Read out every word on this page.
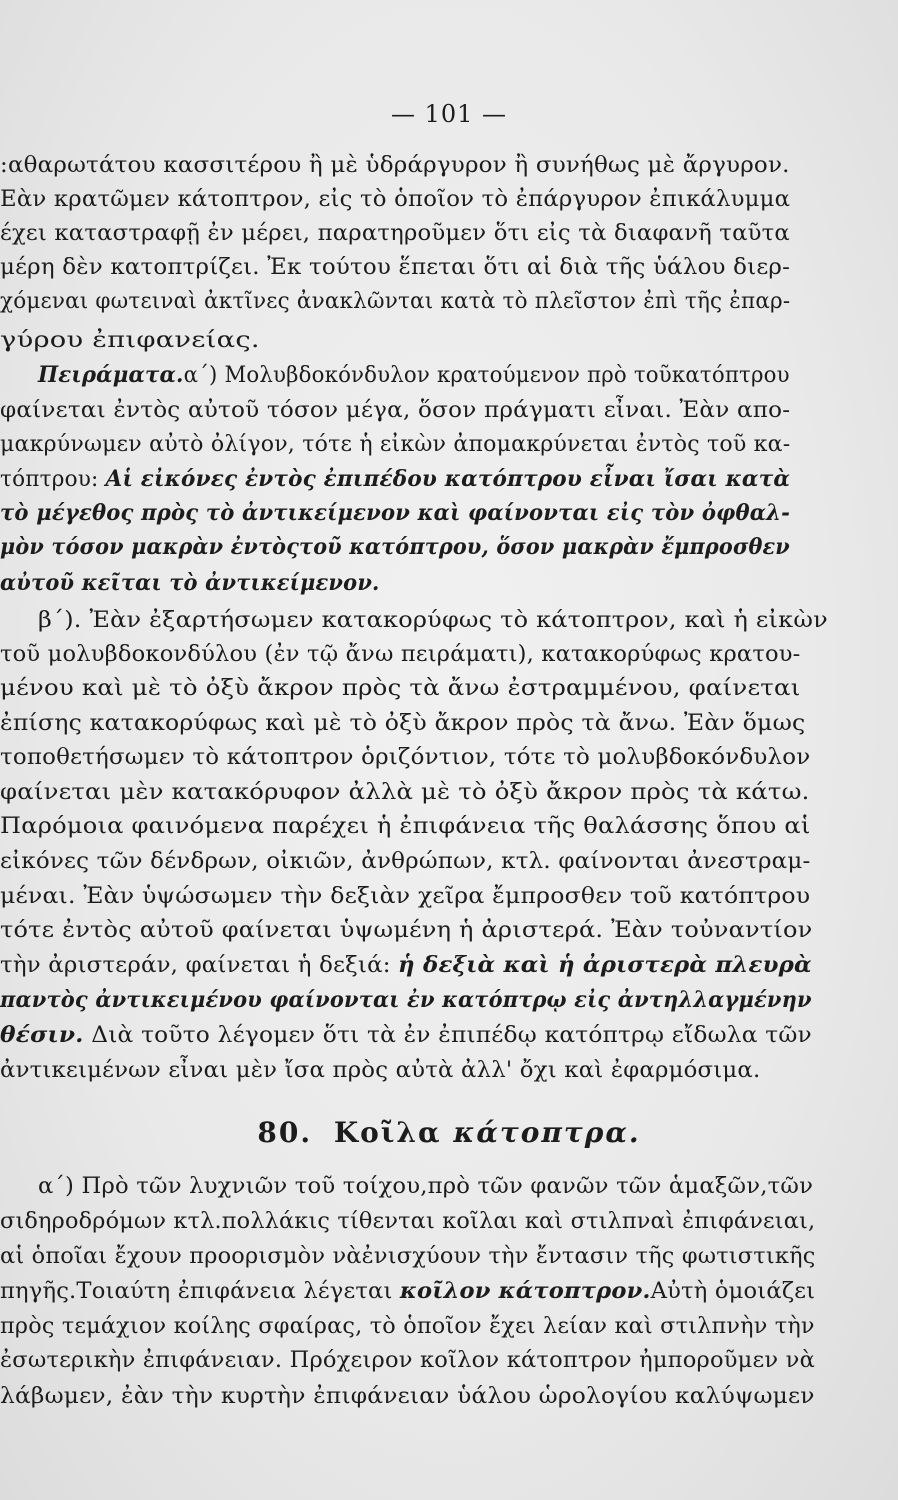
— 101 —
:αθαρωτάτου κασσιτέρου ἢ μὲ ὑδράργυρον ἢ συνήθως μὲ ἄργυρον.
Εὰν κρατῶμεν κάτοπτρον, εἰς τὸ ὁποῖον τὸ ἐπάργυρον ἐπικάλυμμα
έχει καταστραφῇ ἐν μέρει, παρατηροῦμεν ὅτι εἰς τὰ διαφανῆ ταῦτα
μέρη δὲν κατοπτρίζει. Ἐκ τούτου ἕπεται ὅτι αἱ διὰ τῆς ὑάλου διερ-
χόμεναι φωτειναὶ ἀκτῖνες ἀνακλῶνται κατὰ τὸ πλεῖστον ἐπὶ τῆς ἐπαρ-
γύρου ἐπιφανείας.
Πειράματα.α΄) Μολυβδοκόνδυλον κρατούμενον πρὸ τοῦκατόπτρου
φαίνεται ἐντὸς αὐτοῦ τόσον μέγα, ὅσον πράγματι εἶναι. Ἐὰν απο-
μακρύνωμεν αὐτὸ ὀλίγον, τότε ἡ εἰκὼν ἀπομακρύνεται ἐντὸς τοῦ κα-
τόπτρου: Αἱ εἰκόνες ἐντὸς ἐπιπέδου κατόπτρου εἶναι ἴσαι κατὰ
τὸ μέγεθος πρὸς τὸ ἀντικείμενον καὶ φαίνονται εἰς τὸν ὀφθαλ-
μὸν τόσον μακρὰν ἐντὸςτοῦ κατόπτρου, ὅσον μακρὰν ἔμπροσθεν
αὐτοῦ κεῖται τὸ ἀντικείμενον.
β΄). Ἐὰν ἐξαρτήσωμεν κατακορύφως τὸ κάτοπτρον, καὶ ἡ εἰκὼν
τοῦ μολυβδοκονδύλου (ἐν τῷ ἄνω πειράματι), κατακορύφως κρατου-
μένου καὶ μὲ τὸ ὀξὺ ἄκρον πρὸς τὰ ἄνω ἐστραμμένου, φαίνεται
ἐπίσης κατακορύφως καὶ μὲ τὸ ὀξὺ ἄκρον πρὸς τὰ ἄνω. Ἐὰν ὅμως
τοποθετήσωμεν τὸ κάτοπτρον ὁριζόντιον, τότε τὸ μολυβδοκόνδυλον
φαίνεται μὲν κατακόρυφον ἀλλὰ μὲ τὸ ὀξὺ ἄκρον πρὸς τὰ κάτω.
Παρόμοια φαινόμενα παρέχει ἡ ἐπιφάνεια τῆς θαλάσσης ὅπου αἱ
εἰκόνες τῶν δένδρων, οἰκιῶν, ἀνθρώπων, κτλ. φαίνονται ἀνεστραμ-
μέναι. Ἐὰν ὑψώσωμεν τὴν δεξιὰν χεῖρα ἔμπροσθεν τοῦ κατόπτρου
τότε ἐντὸς αὐτοῦ φαίνεται ὑψωμένη ἡ ἀριστερά. Ἐὰν τοὐναντίον
τὴν ἀριστεράν, φαίνεται ἡ δεξιά: ἡ δεξιὰ καὶ ἡ ἀριστερὰ πλευρὰ
παντὸς ἀντικειμένου φαίνονται ἐν κατόπτρῳ εἰς ἀντηλλαγμένην
θέσιν. Διὰ τοῦτο λέγομεν ὅτι τὰ ἐν ἐπιπέδῳ κατόπτρῳ εἴδωλα τῶν
ἀντικειμένων εἶναι μὲν ἴσα πρὸς αὐτὰ ἀλλ' ὄχι καὶ ἐφαρμόσιμα.
α΄) Πρὸ τῶν λυχνιῶν τοῦ τοίχου,πρὸ τῶν φανῶν τῶν ἁμαξῶν,τῶν
σιδηροδρόμων κτλ.πολλάκις τίθενται κοῖλαι καὶ στιλπναὶ ἐπιφάνειαι,
αἱ ὁποῖαι ἔχουν προορισμὸν νὰἐνισχύουν τὴν ἔντασιν τῆς φωτιστικῆς
πηγῆς.Τοιαύτη ἐπιφάνεια λέγεται κοῖλον κάτοπτρον.Αὐτὴ ὁμοιάζει
πρὸς τεμάχιον κοίλης σφαίρας, τὸ ὁποῖον ἔχει λείαν καὶ στιλπνὴν τὴν
ἐσωτερικὴν ἐπιφάνειαν. Πρόχειρον κοῖλον κάτοπτρον ἠμποροῦμεν νὰ
λάβωμεν, ἐὰν τὴν κυρτὴν ἐπιφάνειαν ὑάλου ὡρολογίου καλύψωμεν
80. Κοῖλα κάτοπτρα.
